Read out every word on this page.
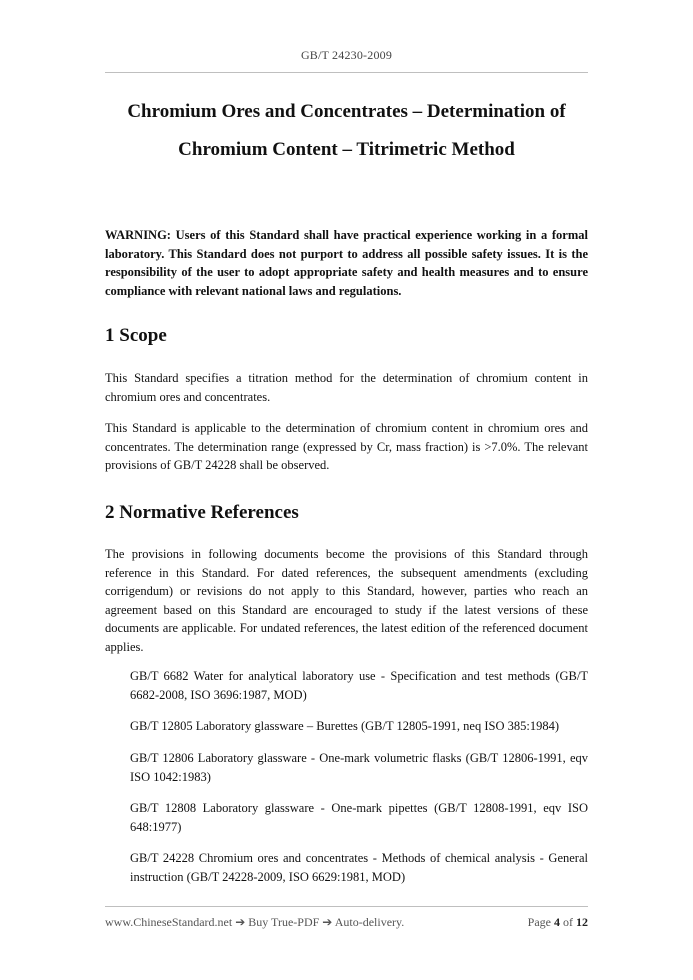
GB/T 24230-2009
Chromium Ores and Concentrates – Determination of
Chromium Content – Titrimetric Method

WARNING: Users of this Standard shall have practical experience working in a formal laboratory. This Standard does not purport to address all possible safety issues. It is the responsibility of the user to adopt appropriate safety and health measures and to ensure compliance with relevant national laws and regulations.

1 Scope

This Standard specifies a titration method for the determination of chromium content in chromium ores and concentrates.

This Standard is applicable to the determination of chromium content in chromium ores and concentrates. The determination range (expressed by Cr, mass fraction) is >7.0%. The relevant provisions of GB/T 24228 shall be observed.

2 Normative References

The provisions in following documents become the provisions of this Standard through reference in this Standard. For dated references, the subsequent amendments (excluding corrigendum) or revisions do not apply to this Standard, however, parties who reach an agreement based on this Standard are encouraged to study if the latest versions of these documents are applicable. For undated references, the latest edition of the referenced document applies.

GB/T 6682 Water for analytical laboratory use - Specification and test methods (GB/T 6682-2008, ISO 3696:1987, MOD)

GB/T 12805 Laboratory glassware – Burettes (GB/T 12805-1991, neq ISO 385:1984)

GB/T 12806 Laboratory glassware - One-mark volumetric flasks (GB/T 12806-1991, eqv ISO 1042:1983)

GB/T 12808 Laboratory glassware - One-mark pipettes (GB/T 12808-1991, eqv ISO 648:1977)

GB/T 24228 Chromium ores and concentrates - Methods of chemical analysis - General instruction (GB/T 24228-2009, ISO 6629:1981, MOD)

www.ChineseStandard.net ➔ Buy True-PDF ➔ Auto-delivery.	Page 4 of 12
